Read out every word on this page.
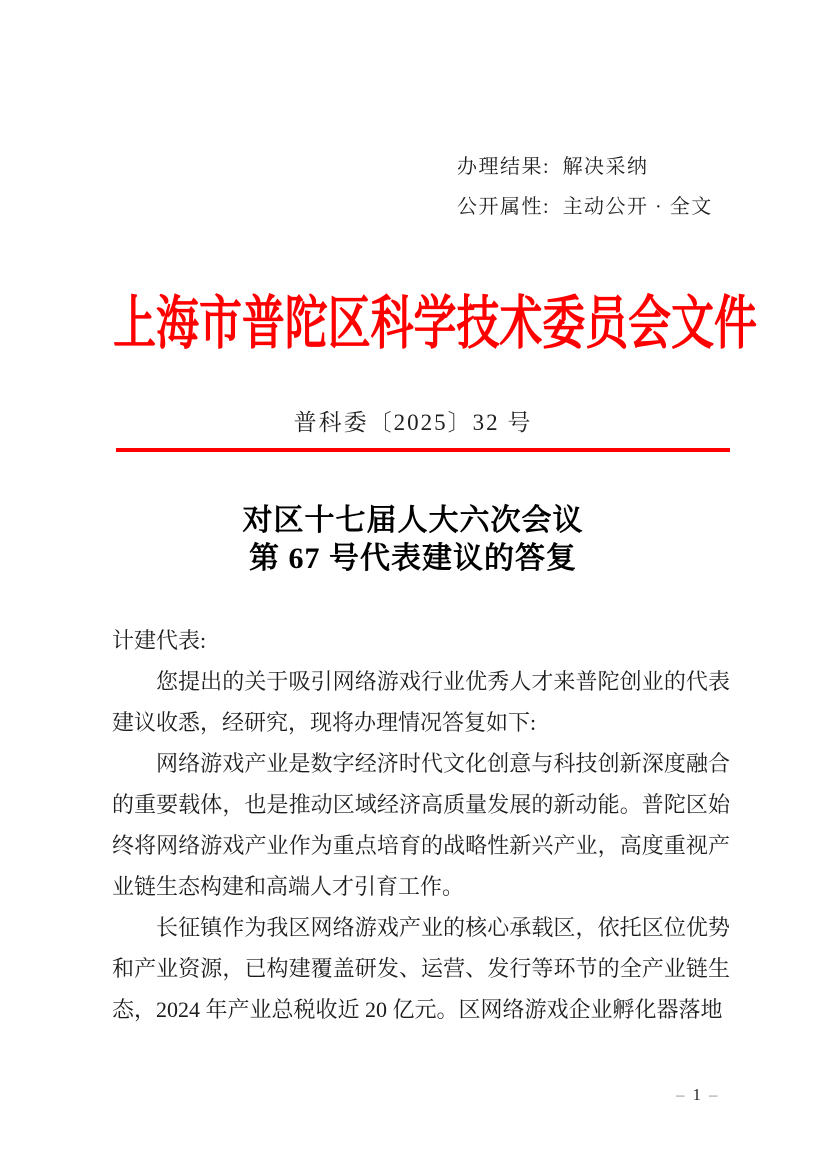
办理结果: 解决采纳
公开属性: 主动公开 · 全文
上海市普陀区科学技术委员会文件
普科委〔2025〕32 号
对区十七届人大六次会议
第 67 号代表建议的答复

计建代表:

您提出的关于吸引网络游戏行业优秀人才来普陀创业的代表建议收悉，经研究，现将办理情况答复如下:

网络游戏产业是数字经济时代文化创意与科技创新深度融合的重要载体，也是推动区域经济高质量发展的新动能。普陀区始终将网络游戏产业作为重点培育的战略性新兴产业，高度重视产业链生态构建和高端人才引育工作。

长征镇作为我区网络游戏产业的核心承载区，依托区位优势和产业资源，已构建覆盖研发、运营、发行等环节的全产业链生态，2024 年产业总税收近 20 亿元。区网络游戏企业孵化器落地

– 1 –
